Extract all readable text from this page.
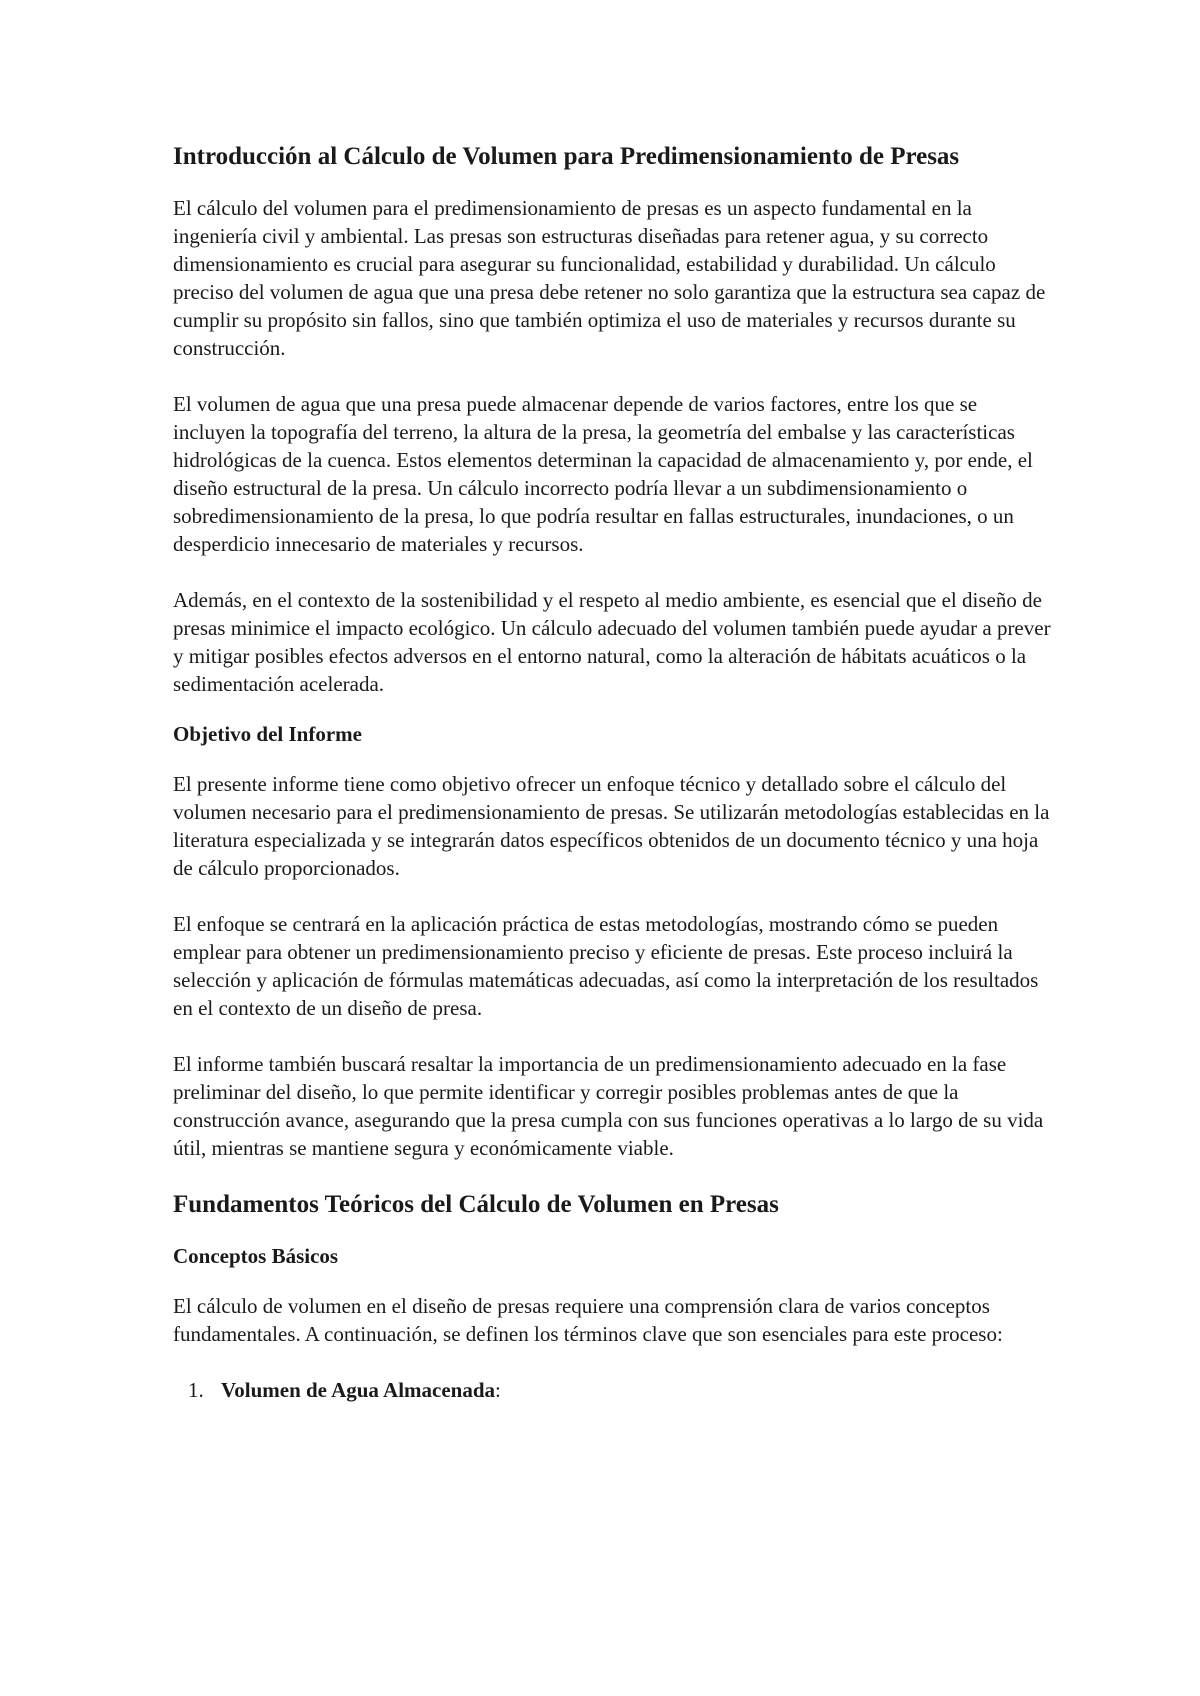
Introducción al Cálculo de Volumen para Predimensionamiento de Presas

El cálculo del volumen para el predimensionamiento de presas es un aspecto fundamental en la ingeniería civil y ambiental. Las presas son estructuras diseñadas para retener agua, y su correcto dimensionamiento es crucial para asegurar su funcionalidad, estabilidad y durabilidad. Un cálculo preciso del volumen de agua que una presa debe retener no solo garantiza que la estructura sea capaz de cumplir su propósito sin fallos, sino que también optimiza el uso de materiales y recursos durante su construcción.

El volumen de agua que una presa puede almacenar depende de varios factores, entre los que se incluyen la topografía del terreno, la altura de la presa, la geometría del embalse y las características hidrológicas de la cuenca. Estos elementos determinan la capacidad de almacenamiento y, por ende, el diseño estructural de la presa. Un cálculo incorrecto podría llevar a un subdimensionamiento o sobredimensionamiento de la presa, lo que podría resultar en fallas estructurales, inundaciones, o un desperdicio innecesario de materiales y recursos.

Además, en el contexto de la sostenibilidad y el respeto al medio ambiente, es esencial que el diseño de presas minimice el impacto ecológico. Un cálculo adecuado del volumen también puede ayudar a prever y mitigar posibles efectos adversos en el entorno natural, como la alteración de hábitats acuáticos o la sedimentación acelerada.

Objetivo del Informe

El presente informe tiene como objetivo ofrecer un enfoque técnico y detallado sobre el cálculo del volumen necesario para el predimensionamiento de presas. Se utilizarán metodologías establecidas en la literatura especializada y se integrarán datos específicos obtenidos de un documento técnico y una hoja de cálculo proporcionados.

El enfoque se centrará en la aplicación práctica de estas metodologías, mostrando cómo se pueden emplear para obtener un predimensionamiento preciso y eficiente de presas. Este proceso incluirá la selección y aplicación de fórmulas matemáticas adecuadas, así como la interpretación de los resultados en el contexto de un diseño de presa.

El informe también buscará resaltar la importancia de un predimensionamiento adecuado en la fase preliminar del diseño, lo que permite identificar y corregir posibles problemas antes de que la construcción avance, asegurando que la presa cumpla con sus funciones operativas a lo largo de su vida útil, mientras se mantiene segura y económicamente viable.

Fundamentos Teóricos del Cálculo de Volumen en Presas
Conceptos Básicos

El cálculo de volumen en el diseño de presas requiere una comprensión clara de varios conceptos fundamentales. A continuación, se definen los términos clave que son esenciales para este proceso:

1. Volumen de Agua Almacenada:
